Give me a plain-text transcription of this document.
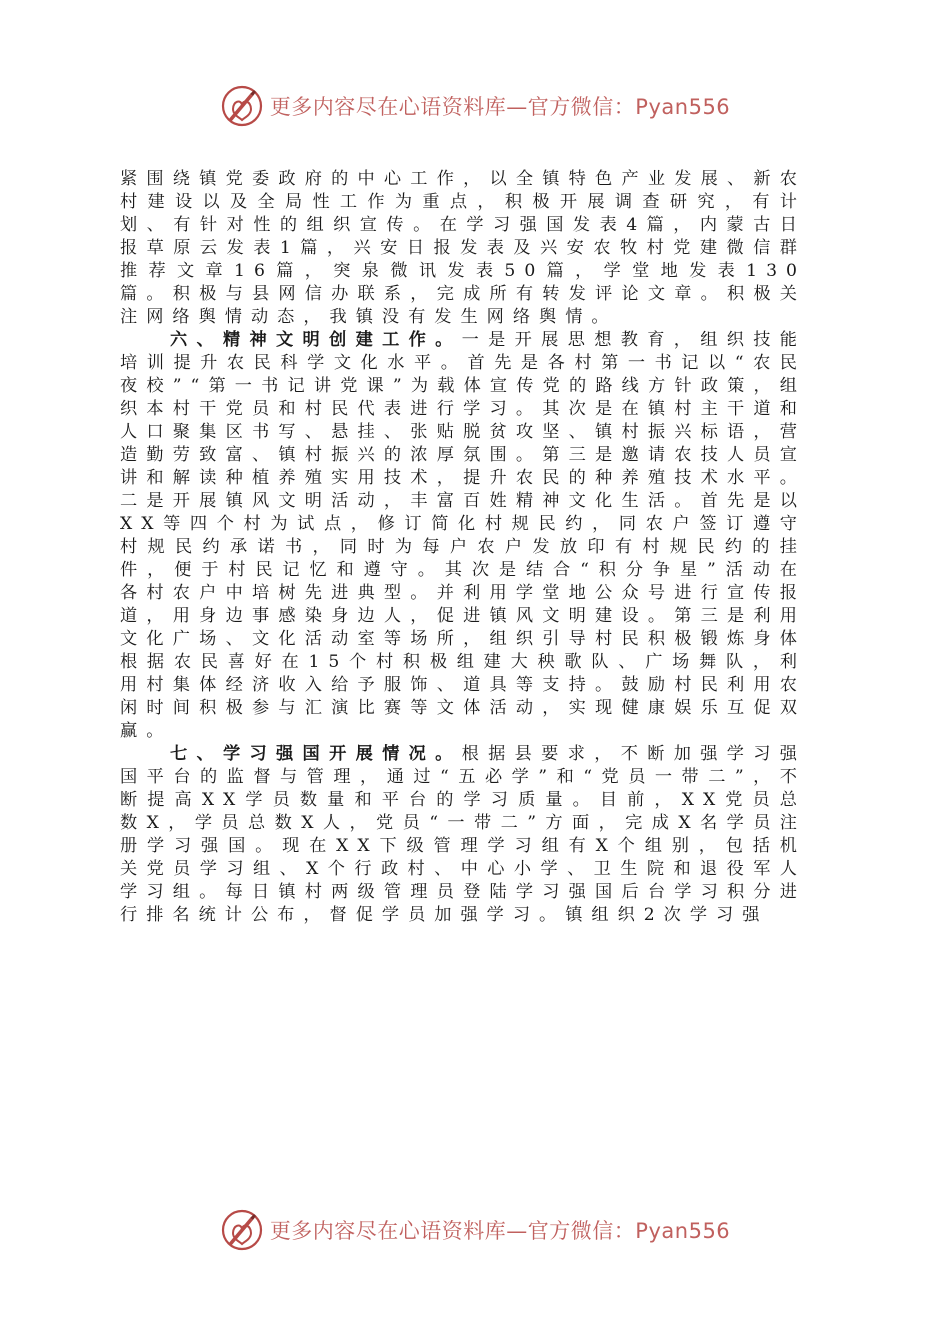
更多内容尽在心语资料库—官方微信：Pyan556

紧围绕镇党委政府的中心工作，以全镇特色产业发展、新农村建设以及全局性工作为重点，积极开展调查研究，有计划、有针对性的组织宣传。在学习强国发表4篇，内蒙古日报草原云发表1篇，兴安日报发表及兴安农牧村党建微信群推荐文章16篇，突泉微讯发表50篇，学堂地发表130篇。积极与县网信办联系，完成所有转发评论文章。积极关注网络舆情动态，我镇没有发生网络舆情。

六、精神文明创建工作。一是开展思想教育，组织技能培训提升农民科学文化水平。首先是各村第一书记以“农民夜校”“第一书记讲党课”为载体宣传党的路线方针政策，组织本村干党员和村民代表进行学习。其次是在镇村主干道和人口聚集区书写、悬挂、张贴脱贫攻坚、镇村振兴标语，营造勤劳致富、镇村振兴的浓厚氛围。第三是邀请农技人员宣讲和解读种植养殖实用技术，提升农民的种养殖技术水平。二是开展镇风文明活动，丰富百姓精神文化生活。首先是以XX等四个村为试点，修订简化村规民约，同农户签订遵守村规民约承诺书，同时为每户农户发放印有村规民约的挂件，便于村民记忆和遵守。其次是结合“积分争星”活动在各村农户中培树先进典型。并利用学堂地公众号进行宣传报道，用身边事感染身边人，促进镇风文明建设。第三是利用文化广场、文化活动室等场所，组织引导村民积极锻炼身体根据农民喜好在15个村积极组建大秧歌队、广场舞队，利用村集体经济收入给予服饰、道具等支持。鼓励村民利用农闲时间积极参与汇演比赛等文体活动，实现健康娱乐互促双赢。

七、学习强国开展情况。根据县要求，不断加强学习强国平台的监督与管理，通过“五必学”和“党员一带二”，不断提高XX学员数量和平台的学习质量。目前，XX党员总数X，学员总数X人，党员“一带二”方面，完成X名学员注册学习强国。现在XX下级管理学习组有X个组别，包括机关党员学习组、X个行政村、中心小学、卫生院和退役军人学习组。每日镇村两级管理员登陆学习强国后台学习积分进行排名统计公布，督促学员加强学习。镇组织2次学习强

更多内容尽在心语资料库—官方微信：Pyan556
